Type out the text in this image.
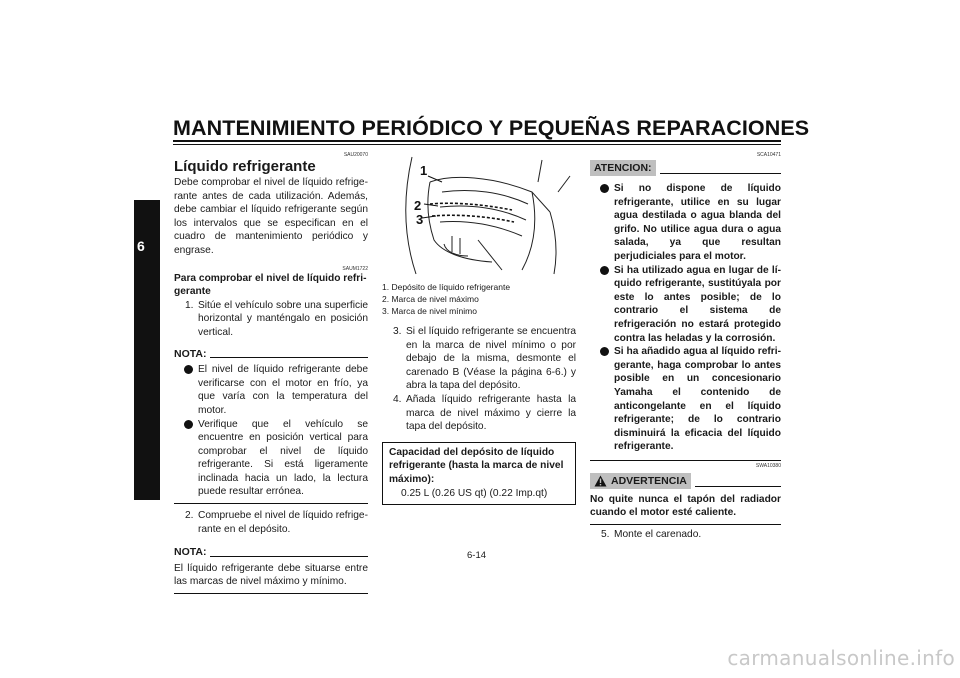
MANTENIMIENTO PERIÓDICO Y PEQUEÑAS REPARACIONES
6
SAU20070
Líquido refrigerante

Debe comprobar el nivel de líquido refrigerante antes de cada utilización. Además, debe cambiar el líquido refrigerante según los intervalos que se especifican en el cuadro de mantenimiento periódico y engrase.

SAUM1722
Para comprobar el nivel de líquido refrigerante
1. Sitúe el vehículo sobre una superficie horizontal y manténgalo en posición vertical.
NOTA:
El nivel de líquido refrigerante debe verificarse con el motor en frío, ya que varía con la temperatura del motor.
Verifique que el vehículo se encuentre en posición vertical para comprobar el nivel de líquido refrigerante. Si está ligeramente inclinada hacia un lado, la lectura puede resultar errónea.
2. Compruebe el nivel de líquido refrigerante en el depósito.
NOTA:

El líquido refrigerante debe situarse entre las marcas de nivel máximo y mínimo.

1
2
3
1. Depósito de líquido refrigerante
2. Marca de nivel máximo
3. Marca de nivel mínimo
3. Si el líquido refrigerante se encuentra en la marca de nivel mínimo o por debajo de la misma, desmonte el carenado B (Véase la página 6-6.) y abra la tapa del depósito.
4. Añada líquido refrigerante hasta la marca de nivel máximo y cierre la tapa del depósito.
Capacidad del depósito de líquido refrigerante (hasta la marca de nivel máximo):
0.25 L (0.26 US qt) (0.22 Imp.qt)
SCA10471
ATENCION:
Si no dispone de líquido refrigerante, utilice en su lugar agua destilada o agua blanda del grifo. No utilice agua dura o agua salada, ya que resultan perjudiciales para el motor.
Si ha utilizado agua en lugar de líquido refrigerante, sustitúyala por este lo antes posible; de lo contrario el sistema de refrigeración no estará protegido contra las heladas y la corrosión.
Si ha añadido agua al líquido refrigerante, haga comprobar lo antes posible en un concesionario Yamaha el contenido de anticongelante en el líquido refrigerante; de lo contrario disminuirá la eficacia del líquido refrigerante.
SWA10380
ADVERTENCIA

No quite nunca el tapón del radiador cuando el motor esté caliente.

5. Monte el carenado.
6-14
carmanualsonline.info
